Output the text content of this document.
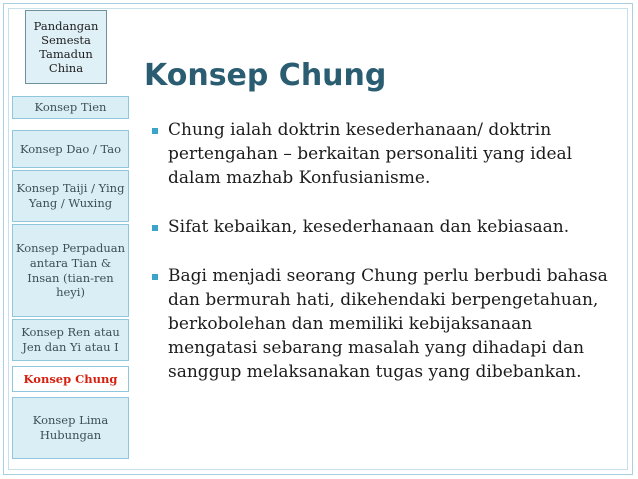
Pandangan Semesta Tamadun China
Konsep Tien
Konsep Dao / Tao
Konsep Taiji / Ying Yang / Wuxing
Konsep Perpaduan antara Tian & Insan (tian-ren heyi)
Konsep Ren atau Jen dan Yi atau I
Konsep Chung
Konsep Lima Hubungan
Konsep Chung
Chung ialah doktrin kesederhanaan/ doktrin pertengahan – berkaitan personaliti yang ideal dalam mazhab Konfusianisme.
Sifat kebaikan, kesederhanaan dan kebiasaan.
Bagi menjadi seorang Chung perlu berbudi bahasa dan bermurah hati, dikehendaki berpengetahuan, berkobolehan dan memiliki kebijaksanaan mengatasi sebarang masalah yang dihadapi dan sanggup melaksanakan tugas yang dibebankan.
